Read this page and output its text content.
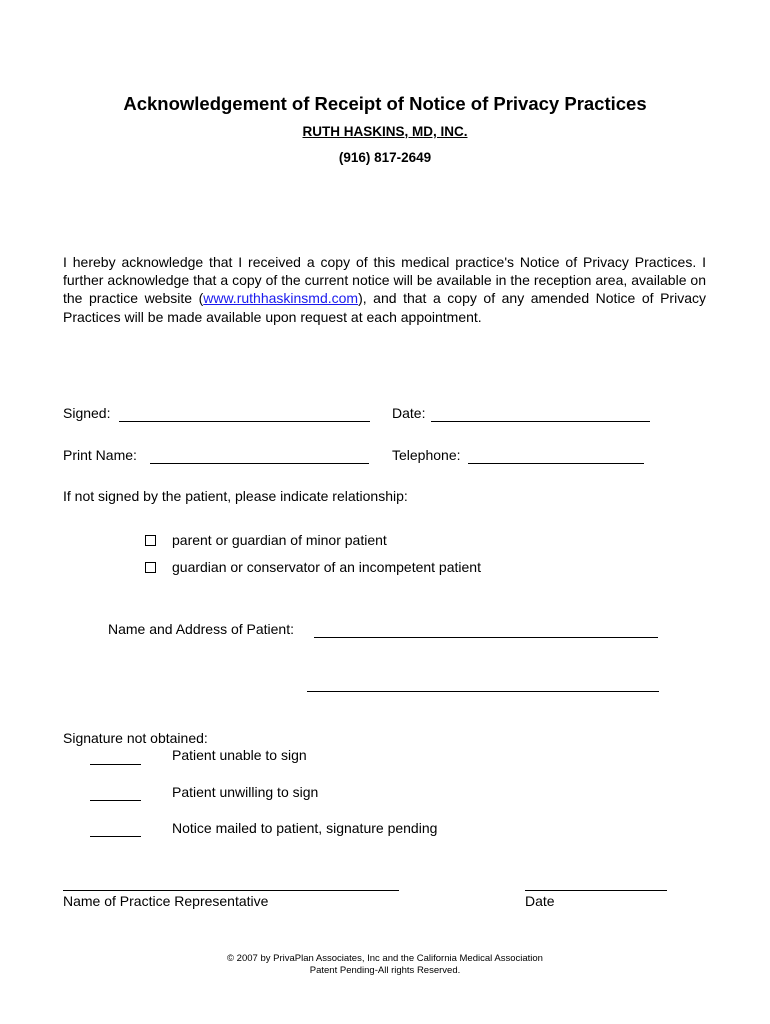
Acknowledgement of Receipt of Notice of Privacy Practices
RUTH HASKINS, MD, INC.
(916) 817-2649
I hereby acknowledge that I received a copy of this medical practice's Notice of Privacy Practices. I further acknowledge that a copy of the current notice will be available in the reception area, available on the practice website (www.ruthhaskinsmd.com), and that a copy of any amended Notice of Privacy Practices will be made available upon request at each appointment.
Signed:	Date:
Print Name:	Telephone:
If not signed by the patient, please indicate relationship:
parent or guardian of minor patient
guardian or conservator of an incompetent patient
Name and Address of Patient:
Signature not obtained:
Patient unable to sign
Patient unwilling to sign
Notice mailed to patient, signature pending
Name of Practice Representative	Date
© 2007 by PrivaPlan Associates, Inc and the California Medical Association
Patent Pending-All rights Reserved.
